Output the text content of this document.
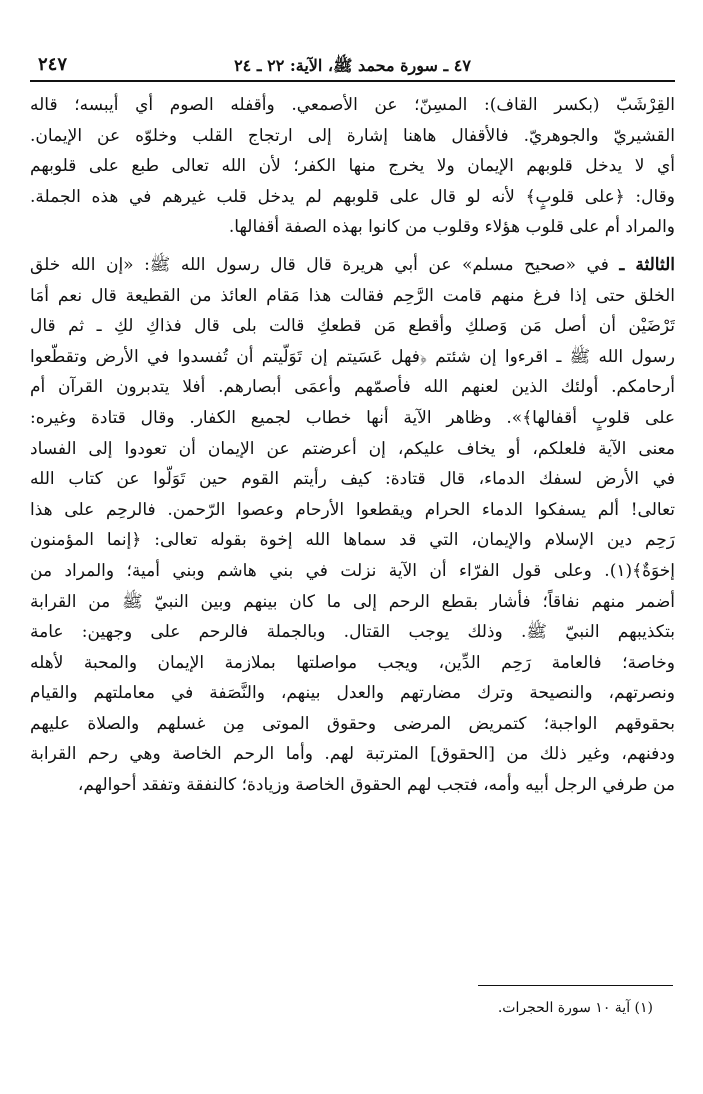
٤٧ ـ سورة محمد ﷺ، الآية: ٢٢ ـ ٢٤
٢٤٧

القِرْشَبّ (بكسر القاف): المسِنّ؛ عن الأصمعي. وأقفله الصوم أي أيبسه؛ قاله
القشيريّ والجوهريّ. فالأقفال هاهنا إشارة إلى ارتجاج القلب وخلوّه عن الإيمان.
أي لا يدخل قلوبهم الإيمان ولا يخرج منها الكفر؛ لأن الله تعالى طبع على قلوبهم
وقال: ﴿على قلوبٍ﴾ لأنه لو قال على قلوبهم لم يدخل قلب غيرهم في هذه الجملة.
والمراد أم على قلوب هؤلاء وقلوب من كانوا بهذه الصفة أقفالها.

الثالثة ـ في «صحيح مسلم» عن أبي هريرة قال قال رسول الله ﷺ: «إن الله خلق
الخلق حتى إذا فرغ منهم قامت الرَّحِم فقالت هذا مَقام العائذ من القطيعة قال نعم أمَا
تَرْضَيْن أن أصل مَن وَصلكِ وأقطع مَن قطعكِ قالت بلى قال فذاكِ لكِ ـ ثم قال
رسول الله ﷺ ـ اقرءوا إن شئتم ﴿فهل عَسَيتم إن تَوَلّيتم أن تُفسدوا في الأرض وتقطّعوا
أرحامكم. أولئك الذين لعنهم الله فأصمّهم وأعمَى أبصارهم. أفلا يتدبرون القرآن أم
على قلوبٍ أقفالها﴾». وظاهر الآية أنها خطاب لجميع الكفار. وقال قتادة وغيره:
معنى الآية فلعلكم، أو يخاف عليكم، إن أعرضتم عن الإيمان أن تعودوا إلى الفساد
في الأرض لسفك الدماء، قال قتادة: كيف رأيتم القوم حين تَوَلّوا عن كتاب الله
تعالى! ألم يسفكوا الدماء الحرام ويقطعوا الأرحام وعصوا الرّحمن. فالرحِم على هذا
رَحِم دين الإسلام والإيمان، التي قد سماها الله إخوة بقوله تعالى: ﴿إنما المؤمنون
إخوَةٌ﴾(١). وعلى قول الفرّاء أن الآية نزلت في بني هاشم وبني أمية؛ والمراد من
أضمر منهم نفاقاً؛ فأشار بقطع الرحم إلى ما كان بينهم وبين النبيّ ﷺ من القرابة
بتكذيبهم النبيّ ﷺ. وذلك يوجب القتال. وبالجملة فالرحم على وجهين: عامة
وخاصة؛ فالعامة رَحِم الدِّين، ويجب مواصلتها بملازمة الإيمان والمحبة لأهله
ونصرتهم، والنصيحة وترك مضارتهم والعدل بينهم، والنَّصَفة في معاملتهم والقيام
بحقوقهم الواجبة؛ كتمريض المرضى وحقوق الموتى مِن غسلهم والصلاة عليهم
ودفنهم، وغير ذلك من [الحقوق] المترتبة لهم. وأما الرحم الخاصة وهي رحم القرابة
من طرفي الرجل أبيه وأمه، فتجب لهم الحقوق الخاصة وزيادة؛ كالنفقة وتفقد أحوالهم،

(١) آية ١٠ سورة الحجرات.
